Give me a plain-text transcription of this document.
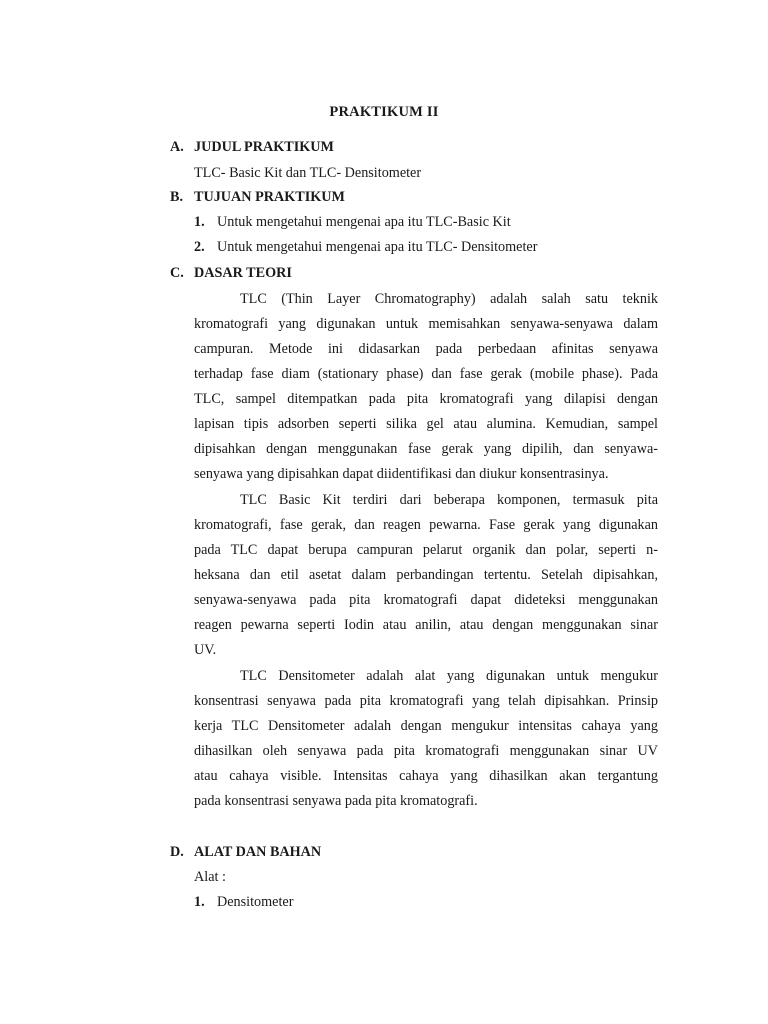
PRAKTIKUM II
A. JUDUL PRAKTIKUM
TLC- Basic Kit dan TLC- Densitometer
B. TUJUAN PRAKTIKUM
1. Untuk mengetahui mengenai apa itu TLC-Basic Kit
2. Untuk mengetahui mengenai apa itu TLC- Densitometer
C. DASAR TEORI
TLC (Thin Layer Chromatography) adalah salah satu teknik
kromatografi yang digunakan untuk memisahkan senyawa-senyawa dalam
campuran. Metode ini didasarkan pada perbedaan afinitas senyawa
terhadap fase diam (stationary phase) dan fase gerak (mobile phase). Pada
TLC, sampel ditempatkan pada pita kromatografi yang dilapisi dengan
lapisan tipis adsorben seperti silika gel atau alumina. Kemudian, sampel
dipisahkan dengan menggunakan fase gerak yang dipilih, dan senyawa-
senyawa yang dipisahkan dapat diidentifikasi dan diukur konsentrasinya.
TLC Basic Kit terdiri dari beberapa komponen, termasuk pita
kromatografi, fase gerak, dan reagen pewarna. Fase gerak yang digunakan
pada TLC dapat berupa campuran pelarut organik dan polar, seperti n-
heksana dan etil asetat dalam perbandingan tertentu. Setelah dipisahkan,
senyawa-senyawa pada pita kromatografi dapat dideteksi menggunakan
reagen pewarna seperti Iodin atau anilin, atau dengan menggunakan sinar
UV.
TLC Densitometer adalah alat yang digunakan untuk mengukur
konsentrasi senyawa pada pita kromatografi yang telah dipisahkan. Prinsip
kerja TLC Densitometer adalah dengan mengukur intensitas cahaya yang
dihasilkan oleh senyawa pada pita kromatografi menggunakan sinar UV
atau cahaya visible. Intensitas cahaya yang dihasilkan akan tergantung
pada konsentrasi senyawa pada pita kromatografi.
D. ALAT DAN BAHAN
Alat :
1. Densitometer
